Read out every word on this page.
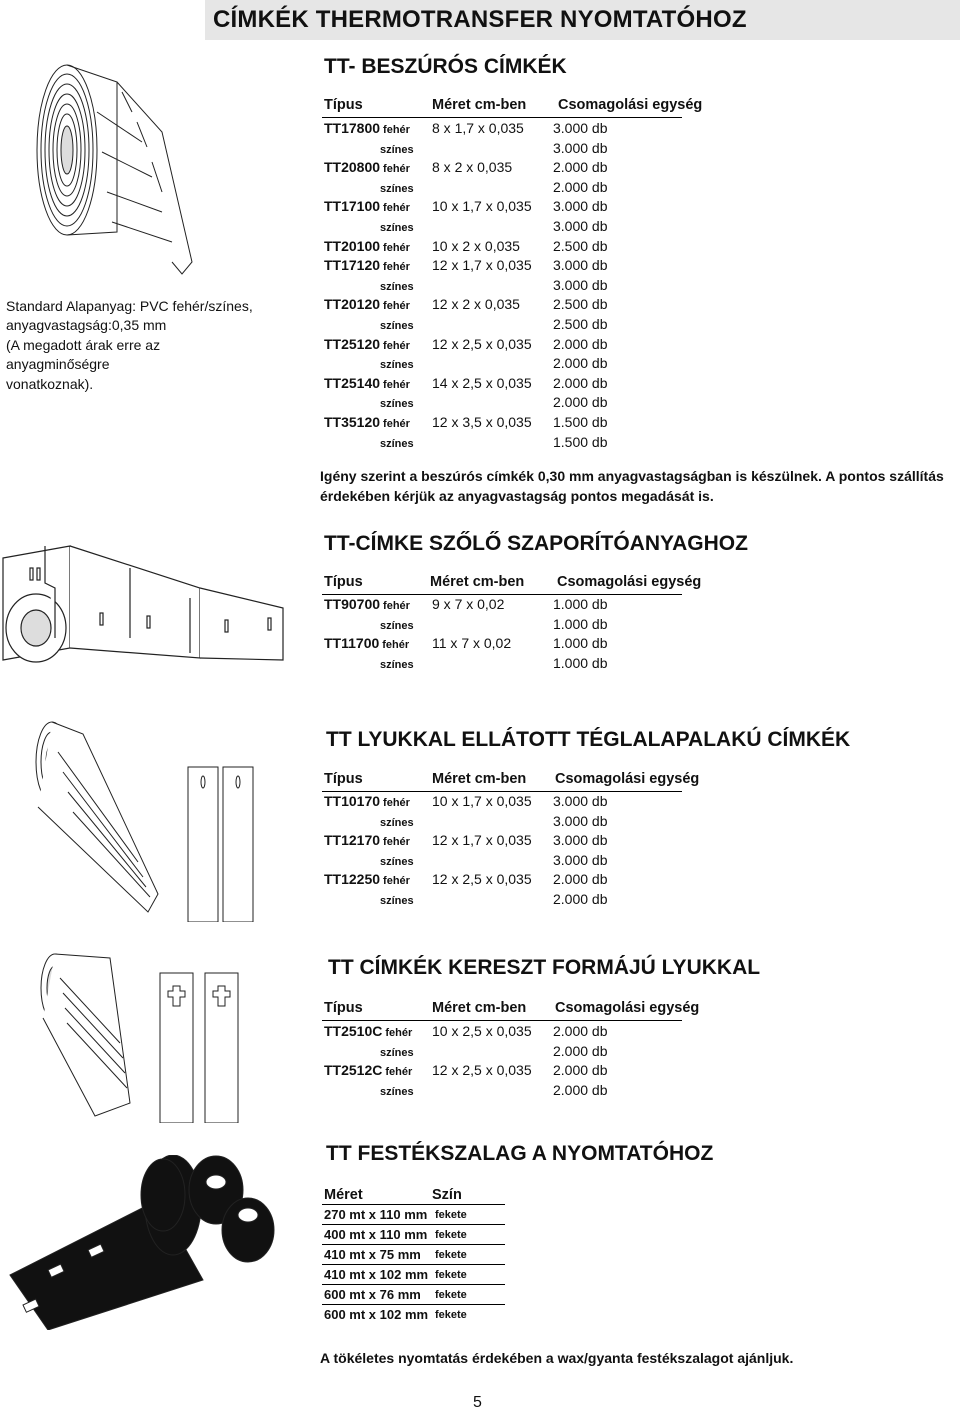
CÍMKÉK THERMOTRANSFER NYOMTATÓHOZ
Standard Alapanyag: PVC fehér/színes,
anyagvastagság:0,35 mm
(A megadott árak erre az anyagminőségre
vonatkoznak).
TT- BESZÚRÓS CÍMKÉK
Típus	Méret cm-ben Csomagolási egység
TT17800 fehér 8 x 1,7 x 0,035 3.000 db
színes	3.000 db
TT20800 fehér 8 x 2 x 0,035	2.000 db
színes	2.000 db
TT17100 fehér 10 x 1,7 x 0,035 3.000 db
színes	3.000 db
TT20100 fehér 10 x 2 x 0,035 2.500 db
TT17120 fehér 12 x 1,7 x 0,035 3.000 db
színes	3.000 db
TT20120 fehér 12 x 2 x 0,035 2.500 db
színes	2.500 db
TT25120 fehér 12 x 2,5 x 0,035 2.000 db
színes	2.000 db
TT25140 fehér 14 x 2,5 x 0,035 2.000 db
színes	2.000 db
TT35120 fehér 12 x 3,5 x 0,035 1.500 db
színes	1.500 db
Igény szerint a beszúrós címkék 0,30 mm anyagvastagságban is készülnek. A pontos szállítás
érdekében kérjük az anyagvastagság pontos megadását is.
TT-CÍMKE SZŐLŐ SZAPORÍTÓANYAGHOZ
Típus	Méret cm-ben Csomagolási egység
TT90700 fehér 9 x 7 x 0,02	1.000 db
színes	1.000 db
TT11700 fehér 11 x 7 x 0,02	1.000 db
színes	1.000 db
TT LYUKKAL ELLÁTOTT TÉGLALAPALAKÚ CÍMKÉK
Típus	Méret cm-ben Csomagolási egység
TT10170 fehér 10 x 1,7 x 0,035 3.000 db
színes	3.000 db
TT12170 fehér 12 x 1,7 x 0,035 3.000 db
színes	3.000 db
TT12250 fehér 12 x 2,5 x 0,035 2.000 db
színes	2.000 db
TT CÍMKÉK KERESZT FORMÁJÚ LYUKKAL
Típus	Méret cm-ben Csomagolási egység
TT2510C fehér 10 x 2,5 x 0,035 2.000 db
színes	2.000 db
TT2512C fehér 12 x 2,5 x 0,035 2.000 db
színes	2.000 db
TT FESTÉKSZALAG A NYOMTATÓHOZ
Méret	Szín
270 mt x 110 mm	fekete
400 mt x 110 mm	fekete
410 mt x 75 mm	fekete
410 mt x 102 mm	fekete
600 mt x 76 mm	fekete
600 mt x 102 mm	fekete
A tökéletes nyomtatás érdekében a wax/gyanta festékszalagot ajánljuk.
5
